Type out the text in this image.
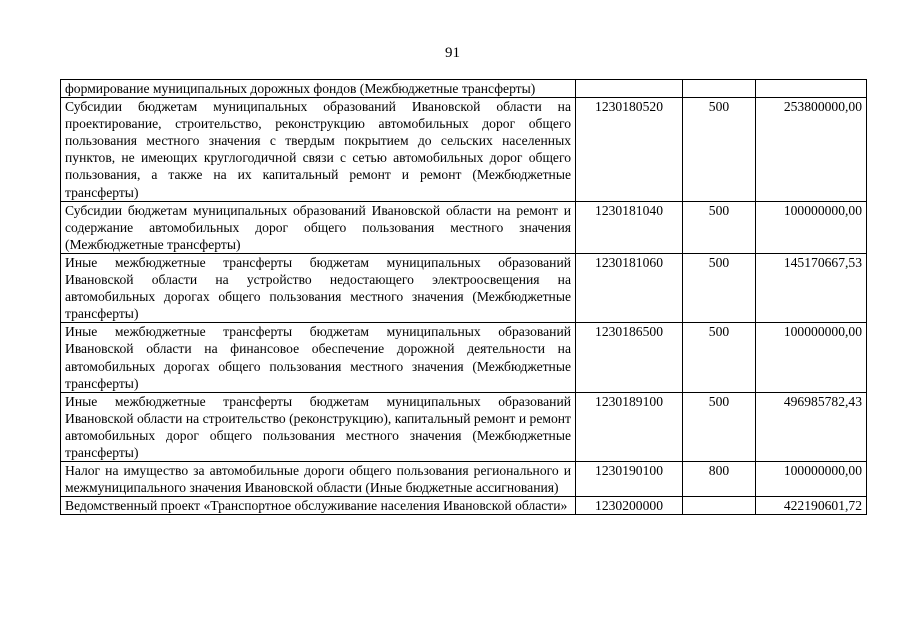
91
формирование муниципальных дорожных фондов (Межбюджетные трансферты)			
Субсидии бюджетам муниципальных образований Ивановской области на проектирование, строительство, реконструкцию автомобильных дорог общего пользования местного значения с твердым покрытием до сельских населенных пунктов, не имеющих круглогодичной связи с сетью автомобильных дорог общего пользования, а также на их капитальный ремонт и ремонт (Межбюджетные трансферты)	1230180520	500	253800000,00
Субсидии бюджетам муниципальных образований Ивановской области на ремонт и содержание автомобильных дорог общего пользования местного значения (Межбюджетные трансферты)	1230181040	500	100000000,00
Иные межбюджетные трансферты бюджетам муниципальных образований Ивановской области на устройство недостающего электроосвещения на автомобильных дорогах общего пользования местного значения (Межбюджетные трансферты)	1230181060	500	145170667,53
Иные межбюджетные трансферты бюджетам муниципальных образований Ивановской области на финансовое обеспечение дорожной деятельности на автомобильных дорогах общего пользования местного значения (Межбюджетные трансферты)	1230186500	500	100000000,00
Иные межбюджетные трансферты бюджетам муниципальных образований Ивановской области на строительство (реконструкцию), капитальный ремонт и ремонт автомобильных дорог общего пользования местного значения (Межбюджетные трансферты)	1230189100	500	496985782,43
Налог на имущество за автомобильные дороги общего пользования регионального и межмуниципального значения Ивановской области (Иные бюджетные ассигнования)	1230190100	800	100000000,00
Ведомственный проект «Транспортное обслуживание населения Ивановской области»	1230200000		422190601,72
